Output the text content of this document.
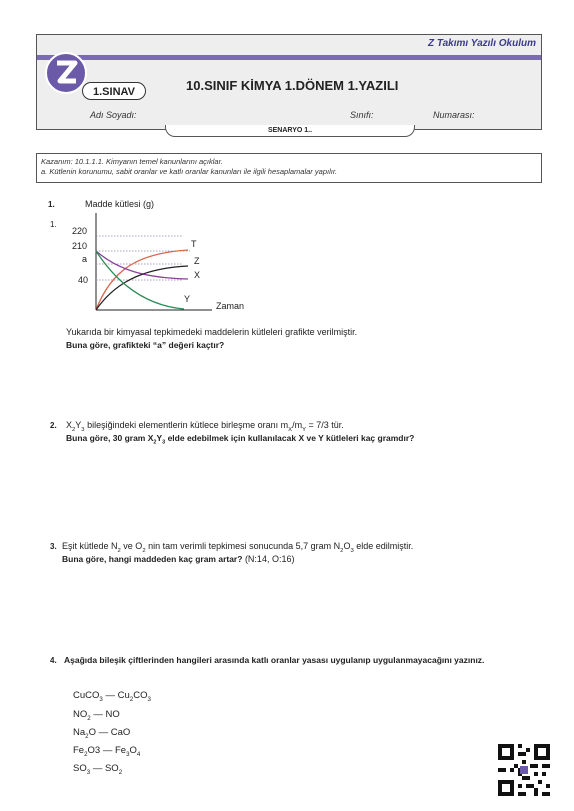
Z Takımı Yazılı Okulum
1.SINAV	10.SINIF KİMYA 1.DÖNEM 1.YAZILI
Adı Soyadı:	Sınıfı:	Numarası:
SENARYO 1..
Kazanım: 10.1.1.1. Kimyanın temel kanunlarını açıklar.
a. Kütlenin korunumu, sabit oranlar ve katlı oranlar kanunları ile ilgili hesaplamalar yapılır.
1.
1.
Madde kütlesi (g)
Zaman
220
210
a
40
T
Z
X
Y
Yukarıda bir kimyasal tepkimedeki maddelerin kütleleri grafikte verilmiştir.
Buna göre, grafikteki “a” değeri kaçtır?
2. $X_2Y_3$ bileşiğindeki elementlerin kütlece birleşme oranı $m_X/m_Y = 7/3$ tür.
Buna göre, 30 gram $X_2Y_3$ elde edebilmek için kullanılacak X ve Y kütleleri kaç gramdır?
3. Eşit kütlede $N_2$ ve $O_2$ nin tam verimli tepkimesi sonucunda 5,7 gram $N_2O_3$ elde edilmiştir.
Buna göre, hangi maddeden kaç gram artar? (N:14, O:16)
4. Aşağıda bileşik çiftlerinden hangileri arasında katlı oranlar yasası uygulanıp uygulanmayacağını yazınız.
CuCO$_3$ — $Cu_2CO_3$
$NO_2$ — NO
$Na_2O$ — CaO
$Fe_2O3$ — $Fe_3O_4$
$SO_3$ — $SO_2$
